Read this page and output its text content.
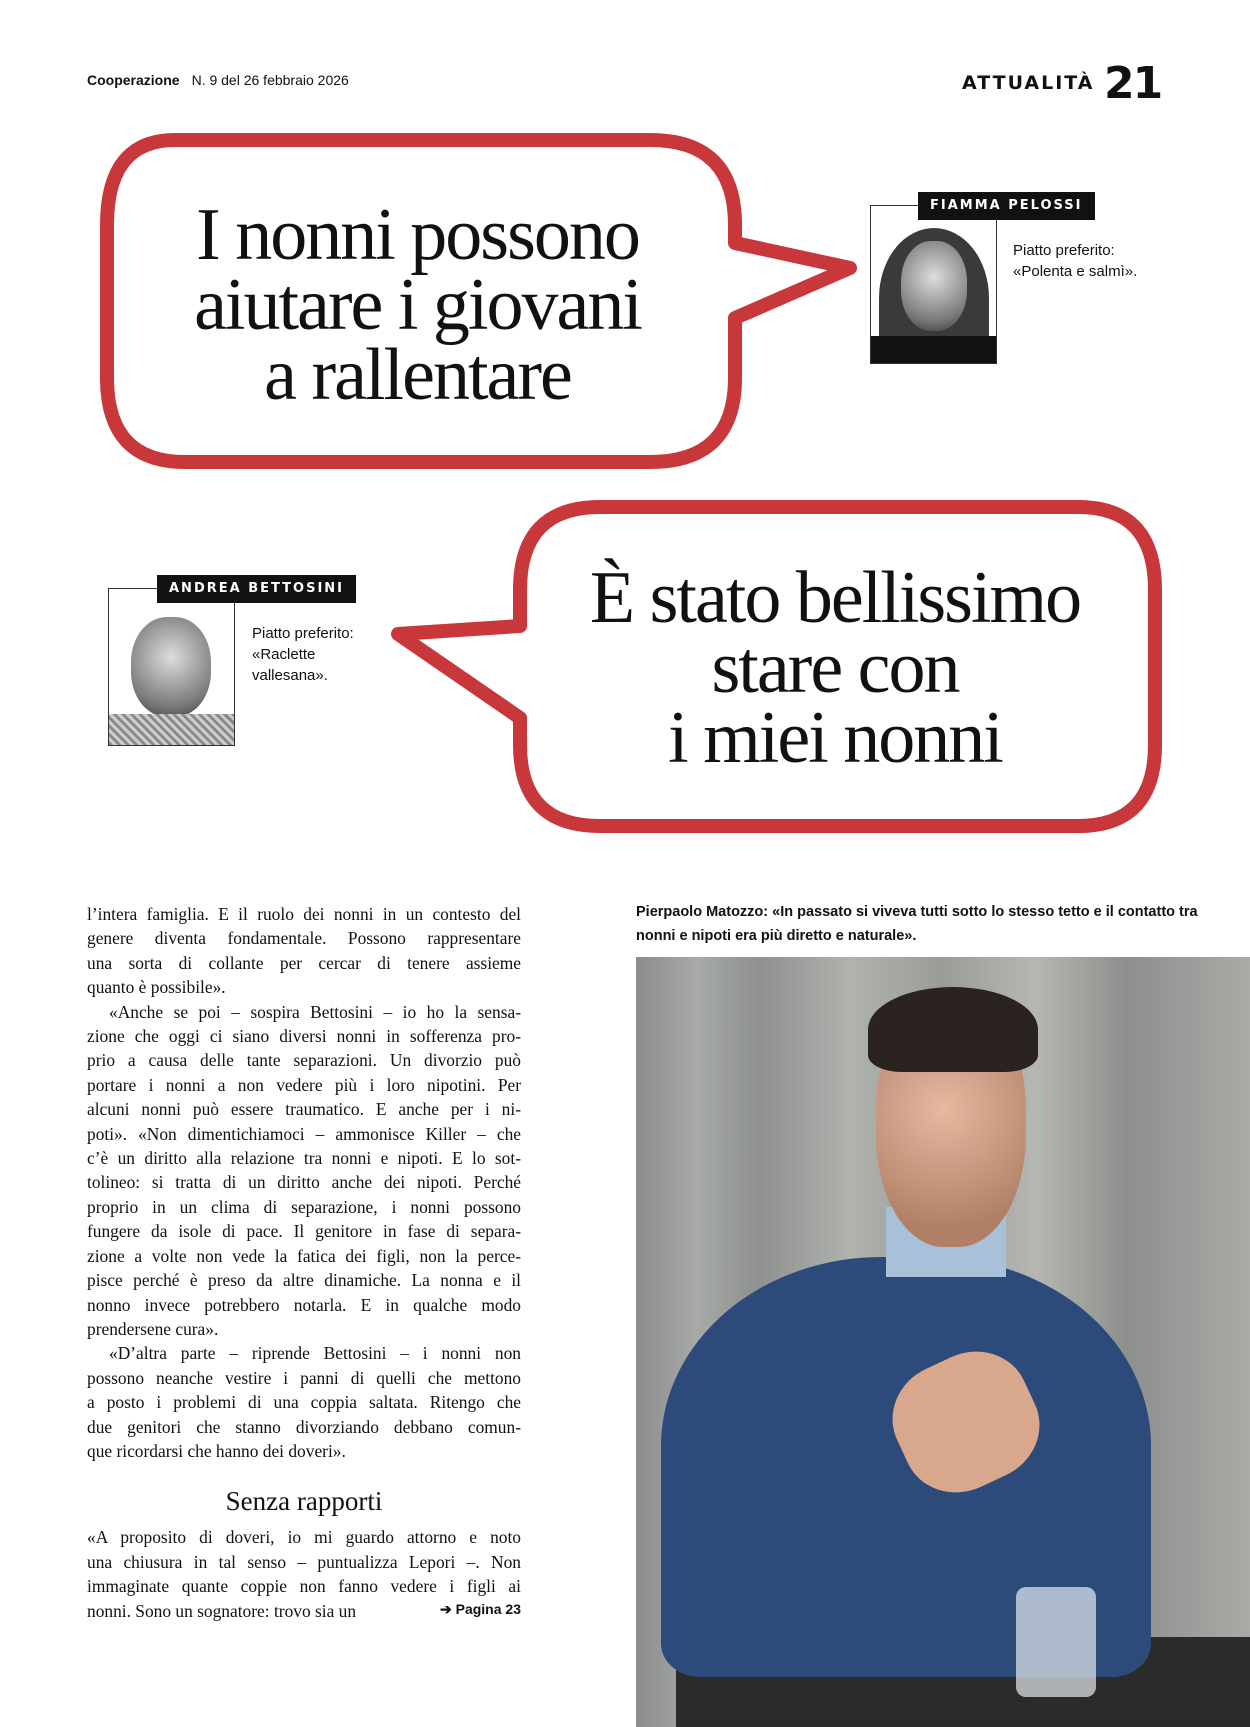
Cooperazione N. 9 del 26 febbraio 2026	ATTUALITÀ 21
I nonni possono
aiutare i giovani
a rallentare
È stato bellissimo
stare con
i miei nonni
FIAMMA PELOSSI
Piatto preferito:
«Polenta e salmì».
ANDREA BETTOSINI
Piatto preferito:
«Raclette
vallesana».
l’intera famiglia. E il ruolo dei nonni in un contesto del
genere diventa fondamentale. Possono rappresentare
una sorta di collante per cercar di tenere assieme
quanto è possibile».
«Anche se poi – sospira Bettosini – io ho la sensa-
zione che oggi ci siano diversi nonni in sofferenza pro-
prio a causa delle tante separazioni. Un divorzio può
portare i nonni a non vedere più i loro nipotini. Per
alcuni nonni può essere traumatico. E anche per i ni-
poti». «Non dimentichiamoci – ammonisce Killer – che
c’è un diritto alla relazione tra nonni e nipoti. E lo sot-
tolineo: si tratta di un diritto anche dei nipoti. Perché
proprio in un clima di separazione, i nonni possono
fungere da isole di pace. Il genitore in fase di separa-
zione a volte non vede la fatica dei figli, non la perce-
pisce perché è preso da altre dinamiche. La nonna e il
nonno invece potrebbero notarla. E in qualche modo
prendersene cura».
«D’altra parte – riprende Bettosini – i nonni non
possono neanche vestire i panni di quelli che mettono
a posto i problemi di una coppia saltata. Ritengo che
due genitori che stanno divorziando debbano comun-
que ricordarsi che hanno dei doveri».
Senza rapporti
«A proposito di doveri, io mi guardo attorno e noto
una chiusura in tal senso – puntualizza Lepori –. Non
immaginate quante coppie non fanno vedere i figli ai
nonni. Sono un sognatore: trovo sia un	➔ Pagina 23
Pierpaolo Matozzo: «In passato si viveva tutti sotto lo stesso tetto e il contatto tra nonni e nipoti era più diretto e naturale».
